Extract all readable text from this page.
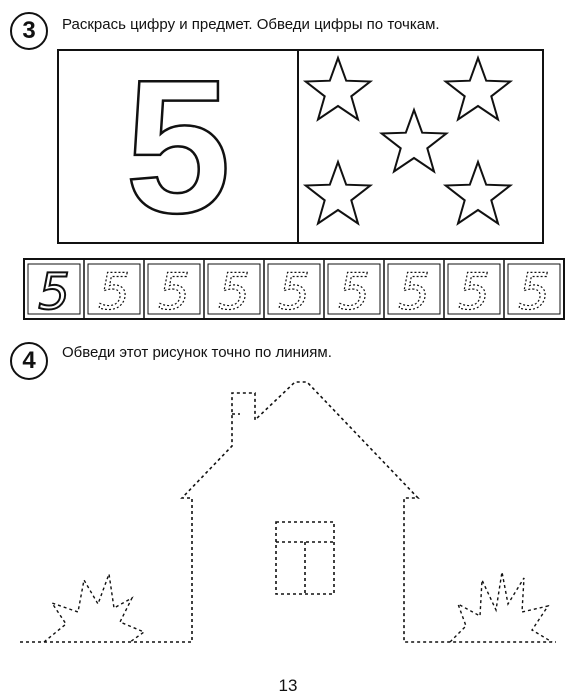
3	Раскрась цифру и предмет. Обведи цифры по точкам.
4	Обведи этот рисунок точно по линиям.
5
5 5 5 5 5 5 5 5 5
13
